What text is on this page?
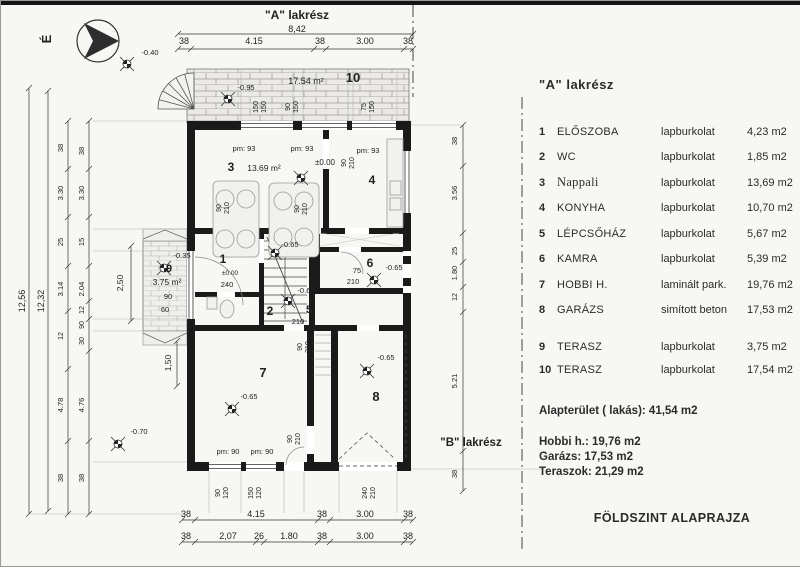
"A" lakrész
8,42
38	4.15	38	3.00	38
17.54 m² 10
-0.95
150 150 90 150	75 150
pm: 93	pm: 93	pm: 93
3 13.69 m²
±0.00 90 210
4
90 210	90 210
1
±0.00
240
9
3.75 m²
-0.35
90
60
-0.65
2	5
-0.65
210
6 -0.65
75
210
7
-0.65	8
-0.65
90 210
90 210
pm: 90 pm: 90
90 120	150 120	240 210
38	4.15	38	3.00	38
38	2,07 26 1.80 38	3.00	38
12,56 12,32
38
3.30
25
3.14
12
4.78
38
38
3.30
15
2.04
12
90
30
4.76
38
2,50
1,50
38
3.56
25
1.80
12
5.21
38
-0.40
-0.70
É
"B" lakrész
"A" lakrész
1	ELŐSZOBA	lapburkolat	4,23 m2
2	WC	lapburkolat	1,85 m2
3 Nappali	lapburkolat	13,69 m2
4	KONYHA	lapburkolat	10,70 m2
5	LÉPCSŐHÁZ	lapburkolat	5,67 m2
6	KAMRA	lapburkolat	5,39 m2
7	HOBBI H.	laminált park.	19,76 m2
8	GARÁZS	simított beton	17,53 m2
9	TERASZ	lapburkolat	3,75 m2
10 TERASZ	lapburkolat	17,54 m2
Alapterület ( lakás): 41,54 m2
Hobbi h.: 19,76 m2
Garázs: 17,53 m2
Teraszok: 21,29 m2
FÖLDSZINT ALAPRAJZA
